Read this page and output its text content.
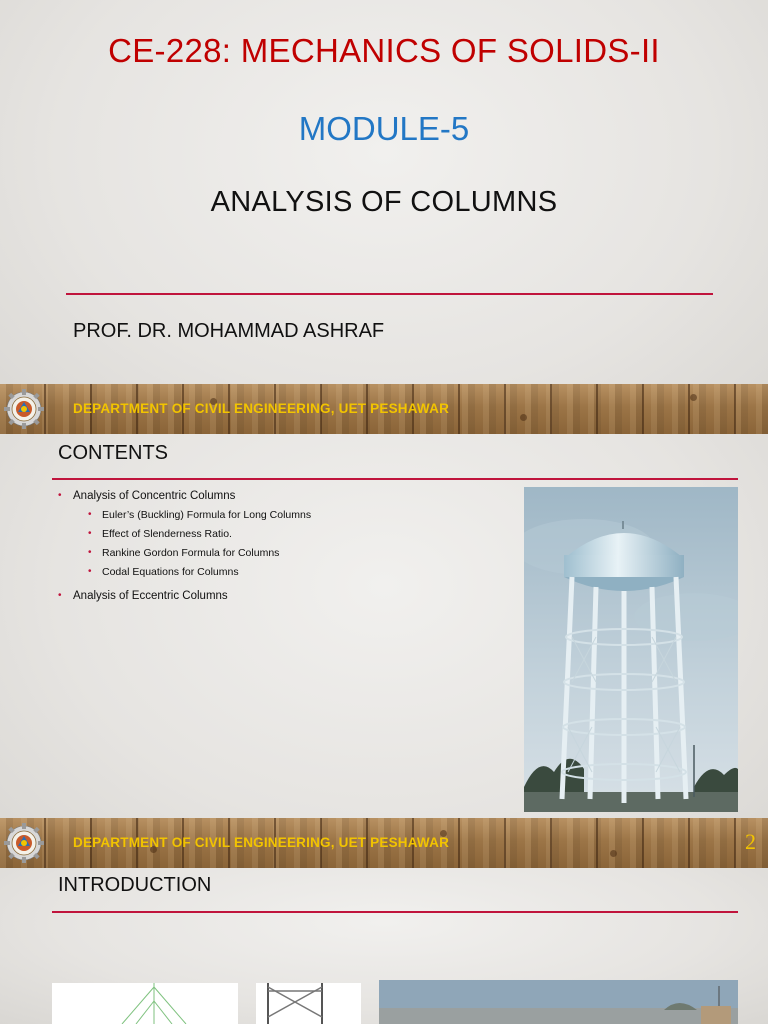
CE-228: MECHANICS OF SOLIDS-II
MODULE-5
ANALYSIS OF COLUMNS

PROF. DR. MOHAMMAD ASHRAF

DEPARTMENT OF CIVIL ENGINEERING, UET PESHAWAR
CONTENTS
• Analysis of Concentric Columns
• Euler’s (Buckling) Formula for Long Columns
• Effect of Slenderness Ratio.
• Rankine Gordon Formula for Columns
• Codal Equations for Columns
• Analysis of Eccentric Columns
DEPARTMENT OF CIVIL ENGINEERING, UET PESHAWAR	2
INTRODUCTION
